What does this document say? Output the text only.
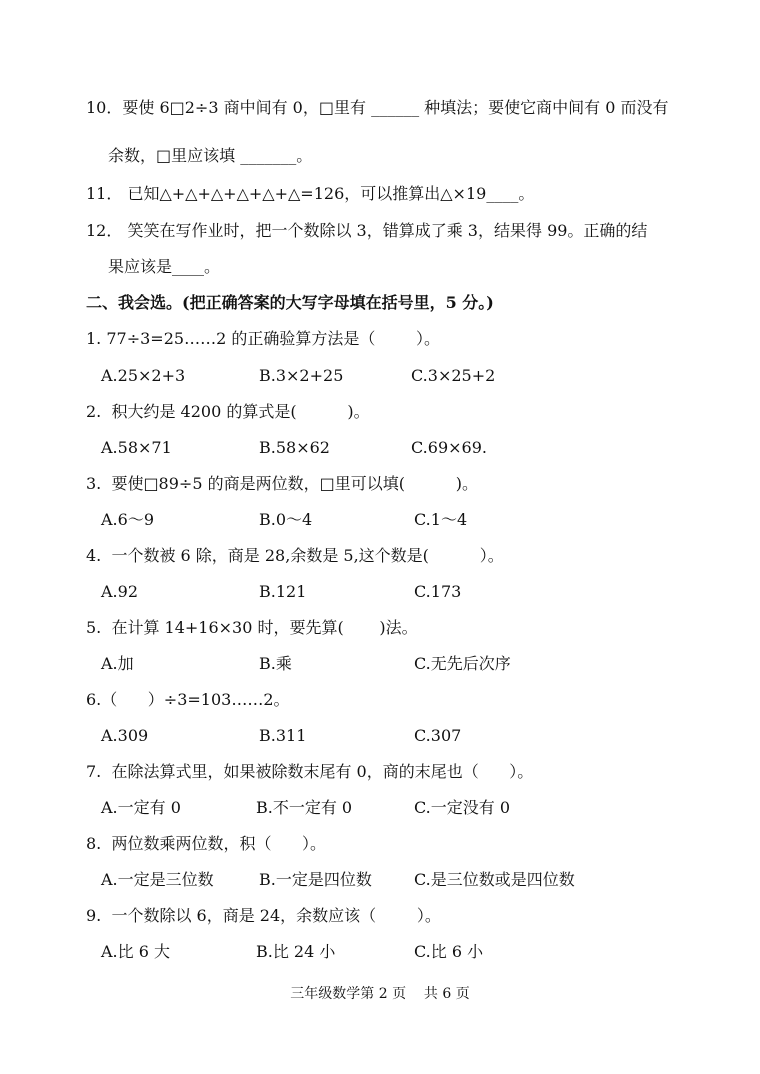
10．要使 6□2÷3 商中间有 0，□里有 ______ 种填法；要使它商中间有 0 而没有
余数，□里应该填 _______。
11． 已知△+△+△+△+△+△=126，可以推算出△×19____。
12． 笑笑在写作业时，把一个数除以 3，错算成了乘 3，结果得 99。正确的结
果应该是____。
二、我会选。(把正确答案的大写字母填在括号里，5 分。)
1. 77÷3=25……2 的正确验算方法是（        ）。
A.25×2+3	B.3×2+25	C.3×25+2
2.  积大约是 4200 的算式是(          )。
A.58×71	B.58×62	C.69×69.
3.  要使□89÷5 的商是两位数，□里可以填(          )。
A.6～9	B.0～4	C.1～4
4.  一个数被 6 除，商是 28,余数是 5,这个数是(          ）。
A.92	B.121	C.173
5.  在计算 14+16×30 时，要先算(       )法。
A.加	B.乘	C.无先后次序
6.（      ）÷3=103……2。
A.309	B.311	C.307
7.  在除法算式里，如果被除数末尾有 0，商的末尾也（      ）。
A.一定有 0	B.不一定有 0	C.一定没有 0
8.  两位数乘两位数，积（      ）。
A.一定是三位数	B.一定是四位数	C.是三位数或是四位数
9.  一个数除以 6，商是 24，余数应该（        ）。
A.比 6 大	B.比 24 小	C.比 6 小
三年级数学第 2 页    共 6 页
